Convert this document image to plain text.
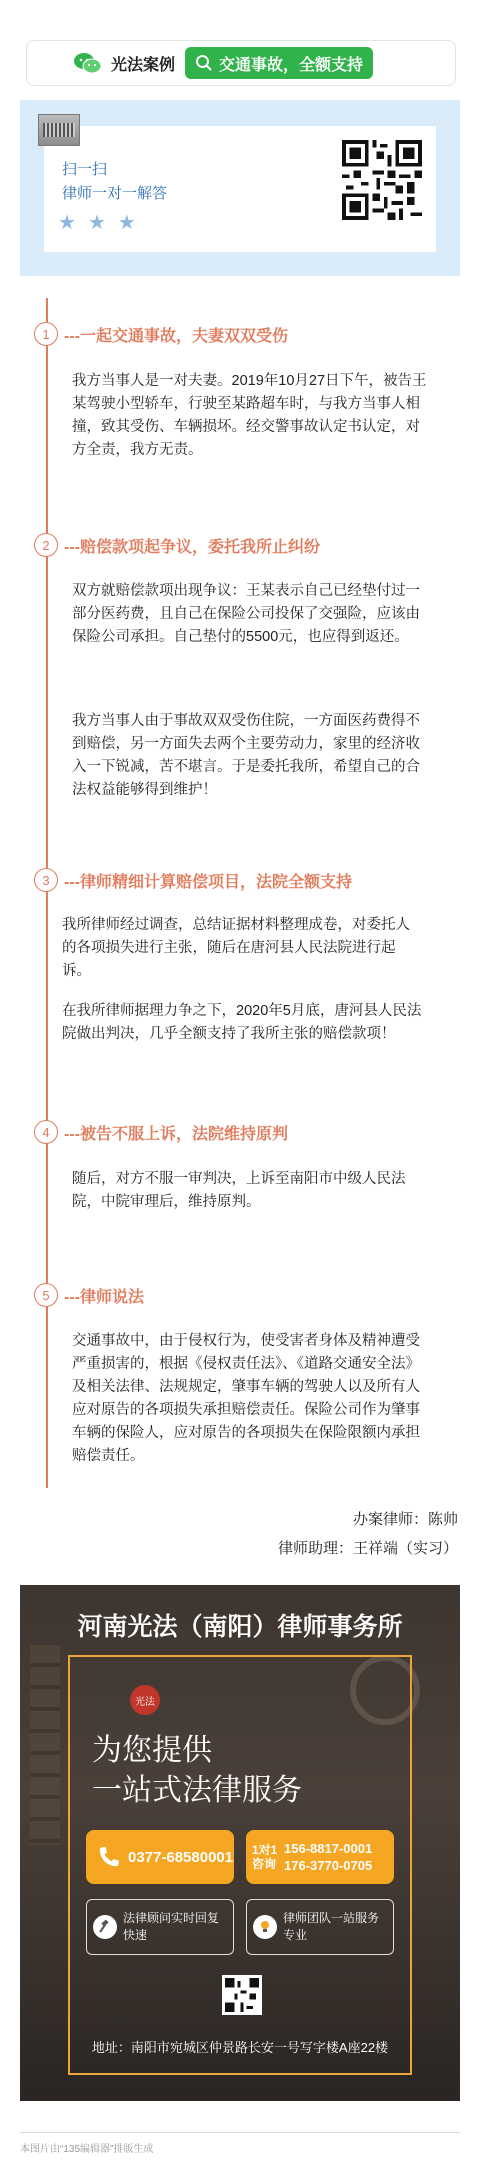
光法案例	交通事故，全额支持
扫一扫
律师一对一解答
★ ★ ★
1 ---一起交通事故，夫妻双双受伤
我方当事人是一对夫妻。2019年10月27日下午，被告王某驾驶小型轿车，行驶至某路超车时，与我方当事人相撞，致其受伤、车辆损坏。经交警事故认定书认定，对方全责，我方无责。
2 ---赔偿款项起争议，委托我所止纠纷
双方就赔偿款项出现争议：王某表示自己已经垫付过一部分医药费，且自己在保险公司投保了交强险，应该由保险公司承担。自己垫付的5500元，也应得到返还。
我方当事人由于事故双双受伤住院，一方面医药费得不到赔偿，另一方面失去两个主要劳动力，家里的经济收入一下锐减，苦不堪言。于是委托我所，希望自己的合法权益能够得到维护！
3 ---律师精细计算赔偿项目，法院全额支持
我所律师经过调查，总结证据材料整理成卷，对委托人的各项损失进行主张，随后在唐河县人民法院进行起诉。
在我所律师据理力争之下，2020年5月底，唐河县人民法院做出判决，几乎全额支持了我所主张的赔偿款项！
4 ---被告不服上诉，法院维持原判
随后，对方不服一审判决，上诉至南阳市中级人民法院，中院审理后，维持原判。
5 ---律师说法
交通事故中，由于侵权行为，使受害者身体及精神遭受严重损害的，根据《侵权责任法》、《道路交通安全法》及相关法律、法规规定，肇事车辆的驾驶人以及所有人应对原告的各项损失承担赔偿责任。保险公司作为肇事车辆的保险人，应对原告的各项损失在保险限额内承担赔偿责任。
办案律师：陈帅
律师助理：王祥端（实习）
河南光法（南阳）律师事务所
光法
为您提供
一站式法律服务
0377-68580001 1对1咨询
156-8817-0001
176-3770-0705
法律顾问实时回复快速
律师团队一站服务专业
地址：南阳市宛城区仲景路长安一号写字楼A座22楼
本图片由“135编辑器”排版生成
